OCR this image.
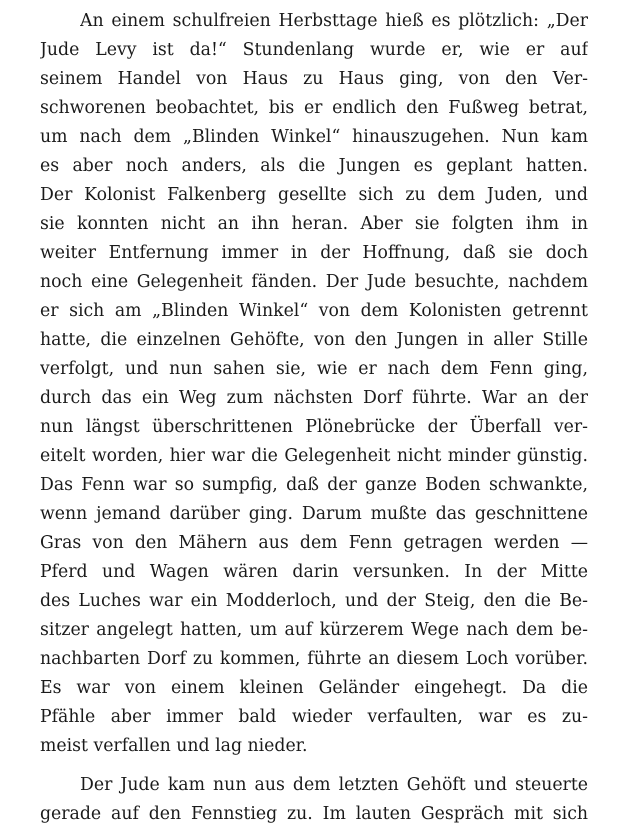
An einem schulfreien Herbsttage hieß es plötzlich: „Der
Jude Levy ist da!“ Stundenlang wurde er, wie er auf
seinem Handel von Haus zu Haus ging, von den Ver-
schworenen beobachtet, bis er endlich den Fußweg betrat,
um nach dem „Blinden Winkel“ hinauszugehen. Nun kam
es aber noch anders, als die Jungen es geplant hatten.
Der Kolonist Falkenberg gesellte sich zu dem Juden, und
sie konnten nicht an ihn heran. Aber sie folgten ihm in
weiter Entfernung immer in der Hoffnung, daß sie doch
noch eine Gelegenheit fänden. Der Jude besuchte, nachdem
er sich am „Blinden Winkel“ von dem Kolonisten getrennt
hatte, die einzelnen Gehöfte, von den Jungen in aller Stille
verfolgt, und nun sahen sie, wie er nach dem Fenn ging,
durch das ein Weg zum nächsten Dorf führte. War an der
nun längst überschrittenen Plönebrücke der Überfall ver-
eitelt worden, hier war die Gelegenheit nicht minder günstig.
Das Fenn war so sumpfig, daß der ganze Boden schwankte,
wenn jemand darüber ging. Darum mußte das geschnittene
Gras von den Mähern aus dem Fenn getragen werden —
Pferd und Wagen wären darin versunken. In der Mitte
des Luches war ein Modderloch, und der Steig, den die Be-
sitzer angelegt hatten, um auf kürzerem Wege nach dem be-
nachbarten Dorf zu kommen, führte an diesem Loch vorüber.
Es war von einem kleinen Geländer eingehegt. Da die
Pfähle aber immer bald wieder verfaulten, war es zu-
meist verfallen und lag nieder.
Der Jude kam nun aus dem letzten Gehöft und steuerte
gerade auf den Fennstieg zu. Im lauten Gespräch mit sich
